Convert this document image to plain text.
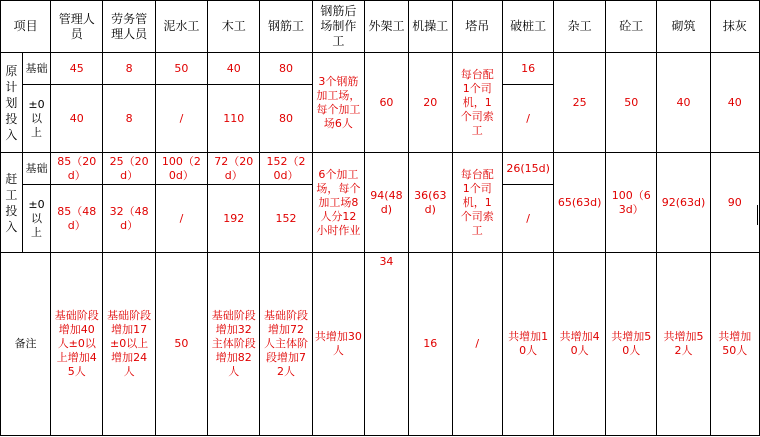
项目		管理人员	劳务管理人员	泥水工	木工	钢筋工	钢筋后场制作工	外架工	机操工	塔吊	破桩工	杂工	砼工	砌筑	抹灰

原计划投入	基础	45	8	50	40	80	3个钢筋加工场，每个加工场6人	60	20	每台配1个司机，1个司索工	16	25	50	40	40

	±0以上	40	8	/	110	80					/				

赶工投入	基础	85（20d）	25（20d）	100（20d）	72（20d）	152（20d）	6个加工场，每个加工场8人分12小时作业	94(48d)	36(63d)	每台配1个司机，1个司索工	26(15d)	65(63d)	100（63d）	92(63d)	90

	±0以上	85（48d）	32（48d）	/	192	152					/				
备注		基础阶段增加40人±0以上增加45人	基础阶段增加17±0以上增加24人	50	基础阶段增加32主体阶段增加82人	基础阶段增加72人主体阶段增加72人	共增加30人	34	16	/	共增加10人	共增加40人	共增加50人	共增加52人	共增加50人
